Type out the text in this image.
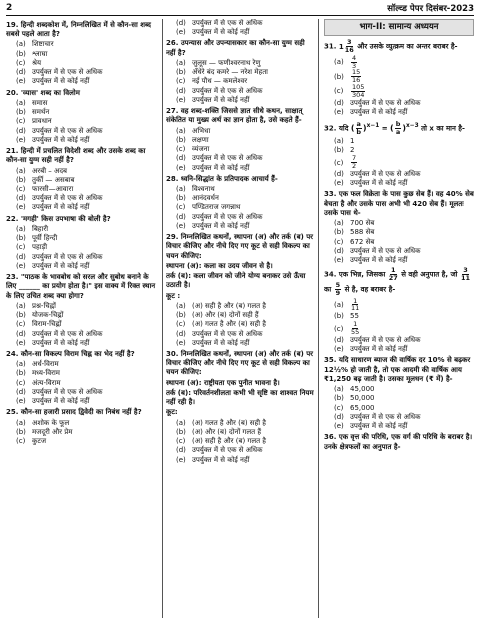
2	सॉल्व्ड पेपर दिसंबर-2023
19. हिन्दी शब्दकोश में, निम्नलिखित में से कौन-सा शब्द सबसे पहले आता है?
(a) शिष्टाचार
(b) श्लाघा
(c) श्रेय
(d) उपर्युक्त में से एक से अधिक
(e) उपर्युक्त में से कोई नहीं
20. 'व्यास' शब्द का विलोम
(a) समास
(b) समर्थन
(c) प्रावधान
(d) उपर्युक्त में से एक से अधिक
(e) उपर्युक्त में से कोई नहीं
21. हिन्दी में प्रचलित विदेशी शब्द और उसके शब्द का कौन-सा युग्म सही नहीं है?
(a) अरबी – अदब
(b) तुर्की — असबाब
(c) फारसी—आवारा
(d) उपर्युक्त में से एक से अधिक
(e) उपर्युक्त में से कोई नहीं
22. 'मगही' किस उपभाषा की बोली है?
(a) बिहारी
(b) पूर्वी हिन्दी
(c) पहाड़ी
(d) उपर्युक्त में से एक से अधिक
(e) उपर्युक्त में से कोई नहीं
23. "पाठक के भावबोध को सरल और सुबोध बनाने के लिए ______ का प्रयोग होता है।" इस वाक्य में रिक्त स्थान के लिए उचित शब्द क्या होगा?
(a) प्रश्न-चिह्नों
(b) योजक-चिह्नों
(c) विराम-चिह्नों
(d) उपर्युक्त में से एक से अधिक
(e) उपर्युक्त में से कोई नहीं
24. कौन-सा विकल्प विराम चिह्न का भेद नहीं है?
(a) अर्ध-विराम
(b) मध्य-विराम
(c) अंत्य-विराम
(d) उपर्युक्त में से एक से अधिक
(e) उपर्युक्त में से कोई नहीं
25. कौन-सा हजारी प्रसाद द्विवेदी का निबंध नहीं है?
(a) अशोक के फूल
(b) मजदूरी और प्रेम
(c) कुटज
(d) उपर्युक्त में से एक से अधिक
(e) उपर्युक्त में से कोई नहीं
26. उपन्यास और उपन्यासकार का कौन-सा युग्म सही नहीं है?
(a) जुलूस — फणीश्वरनाथ रेणु
(b) अँधेरे बंद कमरे — नरेश मेहता
(c) नई पौध — कमलेश्वर
(d) उपर्युक्त में से एक से अधिक
(e) उपर्युक्त में से कोई नहीं
27. वह शब्द-शक्ति जिससे ज्ञात सीधे कथन, साक्षात् संकेतित या मुख्य अर्थ का ज्ञान होता है, उसे कहते हैं-
(a) अभिधा
(b) लक्षणा
(c) व्यंजना
(d) उपर्युक्त में से एक से अधिक
(e) उपर्युक्त में से कोई नहीं
28. ध्वनि-सिद्धांत के प्रतिपादक आचार्य हैं-
(a) विश्वनाथ
(b) आनंदवर्धन
(c) पण्डितराज जगन्नाथ
(d) उपर्युक्त में से एक से अधिक
(e) उपर्युक्त में से कोई नहीं
29. निम्नलिखित कथनों, स्थापना (अ) और तर्क (ब) पर विचार कीजिए और नीचे दिए गए कूट से सही विकल्प का चयन कीजिए:
स्थापना (अ): कला का उदय जीवन से है।
तर्क (ब): कला जीवन को जीने योग्य बनाकर उसे ऊँचा उठाती है।
कूट :
(a) (अ) सही है और (ब) गलत है
(b) (अ) और (ब) दोनों सही हैं
(c) (अ) गलत है और (ब) सही है
(d) उपर्युक्त में से एक से अधिक
(e) उपर्युक्त में से कोई नहीं
30. निम्नलिखित कथनों, स्थापना (अ) और तर्क (ब) पर विचार कीजिए और नीचे दिए गए कूट से सही विकल्प का चयन कीजिए:
स्थापना (अ): राष्ट्रीयता एक पुनीत भावना है।
तर्क (ब): परिवर्तनशीलता कभी भी सृष्टि का शाश्वत नियम नहीं रही है।
कूट:
(a) (अ) गलत है और (ब) सही है
(b) (अ) और (ब) दोनों गलत हैं
(c) (अ) सही है और (ब) गलत है
(d) उपर्युक्त में से एक से अधिक
(e) उपर्युक्त में से कोई नहीं
भाग-II: सामान्य अध्ययन
31. $1 \frac{3}{16}$ और उसके व्युत्क्रम का अन्तर बराबर है-
$(a) \frac{4}{3}$
$(b) \frac{15}{16}$
$(c) \frac{105}{304}$
(d) उपर्युक्त में से एक से अधिक
(e) उपर्युक्त में से कोई नहीं
32. यदि ( $\frac{a}{b} )^{x-1}$ = ( $\frac{b}{a} )^{x-3}$ तो x का मान है-
(a) 1
(b) 2
$(c) \frac{7}{2}$
(d) उपर्युक्त में से एक से अधिक
(e) उपर्युक्त में से कोई नहीं
33. एक फल विक्रेता के पास कुछ सेब हैं। वह 40% सेब बेचता है और उसके पास अभी भी 420 सेब हैं। मूलतः उसके पास थे-
(a) 700 सेब
(b) 588 सेब
(c) 672 सेब
(d) उपर्युक्त में से एक से अधिक
(e) उपर्युक्त में से कोई नहीं
34. एक भिन्न, जिसका $\frac{1}{27}$ से वही अनुपात है, जो $\frac{3}{11}$
का $\frac{5}{9}$ से है, वह बराबर है-
$(a) \frac{1}{11}$
(b) 55
$(c) \frac{1}{55}$
(d) उपर्युक्त में से एक से अधिक
(e) उपर्युक्त में से कोई नहीं
35. यदि साधारण ब्याज की वार्षिक दर 10% से बढ़कर 12½% हो जाती है, तो एक आदमी की वार्षिक आय ₹1,250 बढ़ जाती है। उसका मूलधन (₹ में) है-
(a) 45,000
(b) 50,000
(c) 65,000
(d) उपर्युक्त में से एक से अधिक
(e) उपर्युक्त में से कोई नहीं
36. एक वृत्त की परिधि, एक वर्ग की परिधि के बराबर है। उनके क्षेत्रफलों का अनुपात है-
